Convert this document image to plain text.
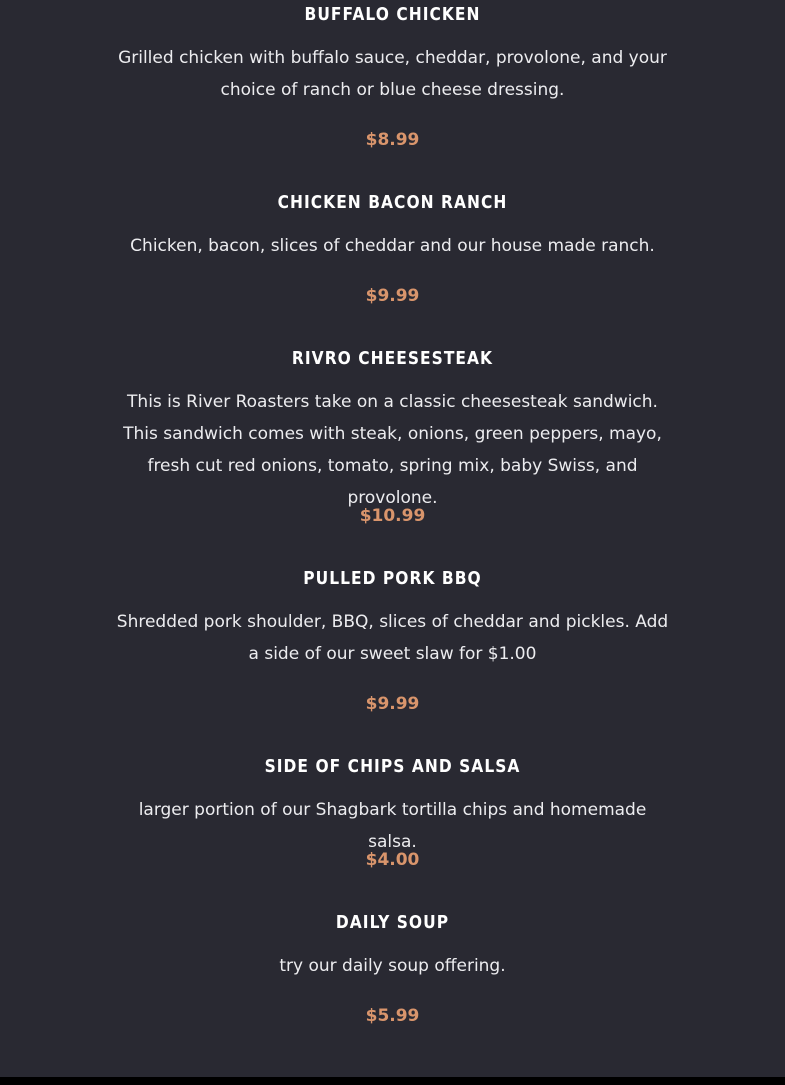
BUFFALO CHICKEN
Grilled chicken with buffalo sauce, cheddar, provolone, and your choice of ranch or blue cheese dressing.
$8.99
CHICKEN BACON RANCH
Chicken, bacon, slices of cheddar and our house made ranch.
$9.99
RIVRO CHEESESTEAK
This is River Roasters take on a classic cheesesteak sandwich. This sandwich comes with steak, onions, green peppers, mayo, fresh cut red onions, tomato, spring mix, baby Swiss, and provolone.
$10.99
PULLED PORK BBQ
Shredded pork shoulder, BBQ, slices of cheddar and pickles. Add a side of our sweet slaw for $1.00
$9.99
SIDE OF CHIPS AND SALSA
larger portion of our Shagbark tortilla chips and homemade salsa.
$4.00
DAILY SOUP
try our daily soup offering.
$5.99
